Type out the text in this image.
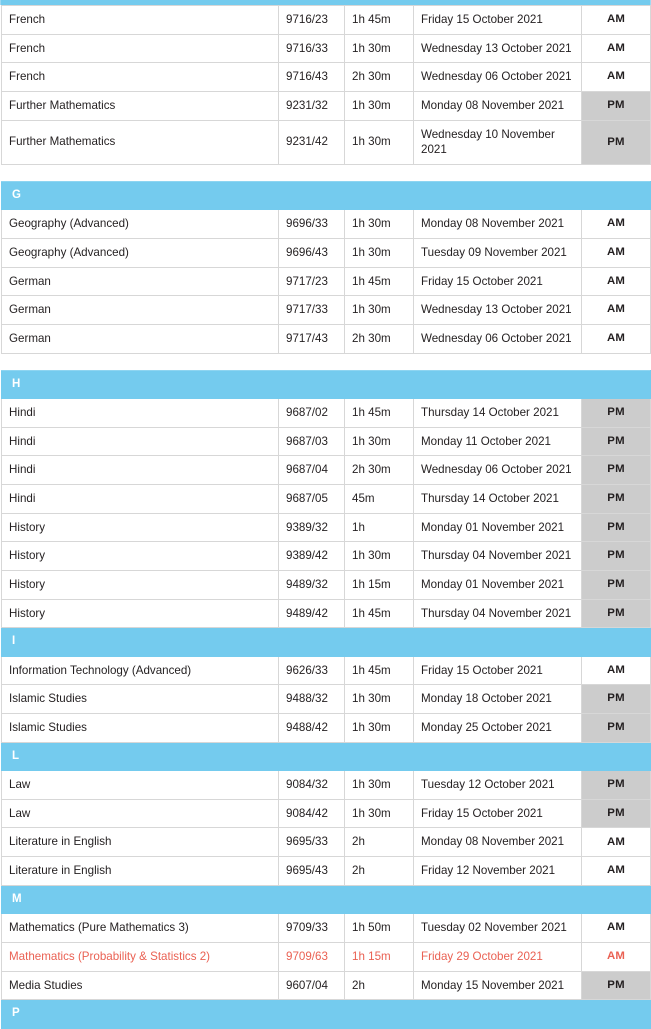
French	9716/23	1h 45m	Friday 15 October 2021	AM
French	9716/33	1h 30m	Wednesday 13 October 2021	AM
French	9716/43	2h 30m	Wednesday 06 October 2021	AM
Further Mathematics	9231/32	1h 30m	Monday 08 November 2021	PM
Further Mathematics	9231/42	1h 30m	Wednesday 10 November 2021	PM
G				
Geography (Advanced)	9696/33	1h 30m	Monday 08 November 2021	AM
Geography (Advanced)	9696/43	1h 30m	Tuesday 09 November 2021	AM
German	9717/23	1h 45m	Friday 15 October 2021	AM
German	9717/33	1h 30m	Wednesday 13 October 2021	AM
German	9717/43	2h 30m	Wednesday 06 October 2021	AM
H				
Hindi	9687/02	1h 45m	Thursday 14 October 2021	PM
Hindi	9687/03	1h 30m	Monday 11 October 2021	PM
Hindi	9687/04	2h 30m	Wednesday 06 October 2021	PM
Hindi	9687/05	45m	Thursday 14 October 2021	PM
History	9389/32	1h	Monday 01 November 2021	PM
History	9389/42	1h 30m	Thursday 04 November 2021	PM
History	9489/32	1h 15m	Monday 01 November 2021	PM
History	9489/42	1h 45m	Thursday 04 November 2021	PM
I				
Information Technology (Advanced)	9626/33	1h 45m	Friday 15 October 2021	AM
Islamic Studies	9488/32	1h 30m	Monday 18 October 2021	PM
Islamic Studies	9488/42	1h 30m	Monday 25 October 2021	PM
L				
Law	9084/32	1h 30m	Tuesday 12 October 2021	PM
Law	9084/42	1h 30m	Friday 15 October 2021	PM
Literature in English	9695/33	2h	Monday 08 November 2021	AM
Literature in English	9695/43	2h	Friday 12 November 2021	AM
M				
Mathematics (Pure Mathematics 3)	9709/33	1h 50m	Tuesday 02 November 2021	AM
Mathematics (Probability & Statistics 2)	9709/63	1h 15m	Friday 29 October 2021	AM
Media Studies	9607/04	2h	Monday 15 November 2021	PM
P				
